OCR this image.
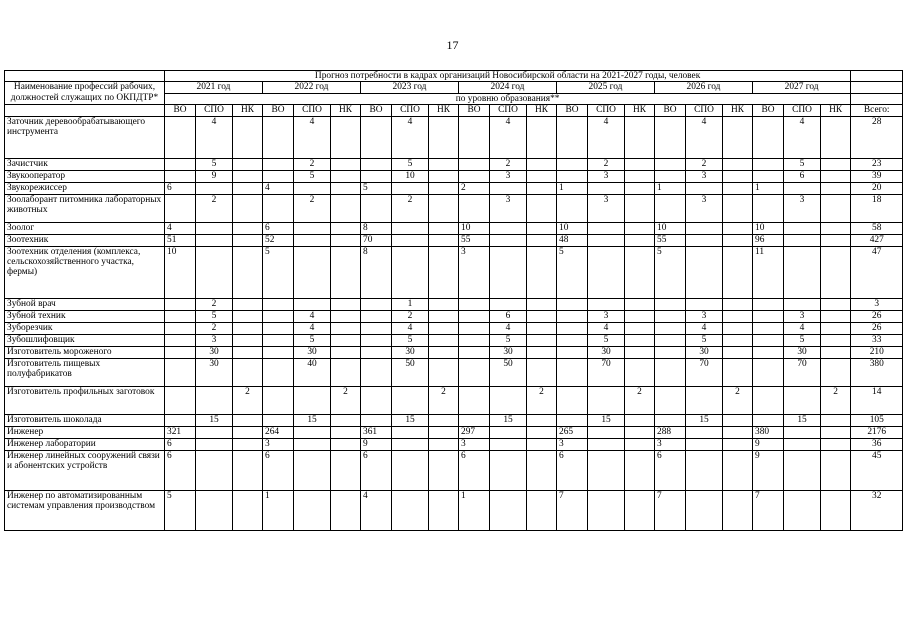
17
	Прогноз потребности в кадрах организаций Новосибирской области на 2021-2027 годы, человек																					
Наименование профессий рабочих, должностей служащих по ОКПДТР*	2021 год			2022 год			2023 год			2024 год			2025 год			2026 год			2027 год			
	по уровню образования**																					
	ВО	СПО	НК	ВО	СПО	НК	ВО	СПО	НК	ВО	СПО	НК	ВО	СПО	НК	ВО	СПО	НК	ВО	СПО	НК	Всего:
Заточник деревообрабатывающего инструмента		4			4			4			4			4			4			4		28
Зачистчик		5			2			5			2			2			2			5		23
Звукооператор		9			5			10			3			3			3			6		39
Звукорежиссер	6			4			5			2			1			1			1			20
Зоолаборант питомника лабораторных животных		2			2			2			3			3			3			3		18
Зоолог	4			6			8			10			10			10			10			58
Зоотехник	51			52			70			55			48			55			96			427
Зоотехник отделения (комплекса, сельскохозяйственного участка, фермы)	10			5			8			3			5			5			11			47
Зубной врач		2						1														3
Зубной техник		5			4			2			6			3			3			3		26
Зуборезчик		2			4			4			4			4			4			4		26
Зубошлифовщик		3			5			5			5			5			5			5		33
Изготовитель мороженого		30			30			30			30			30			30			30		210
Изготовитель пищевых полуфабрикатов		30			40			50			50			70			70			70		380
Изготовитель профильных заготовок			2			2			2			2			2			2			2	14
Изготовитель шоколада		15			15			15			15			15			15			15		105
Инженер	321			264			361			297			265			288			380			2176
Инженер лаборатории	6			3			9			3			3			3			9			36
Инженер линейных сооружений связи и абонентских устройств	6			6			6			6			6			6			9			45
Инженер по автоматизированным системам управления производством	5			1			4			1			7			7			7			32
